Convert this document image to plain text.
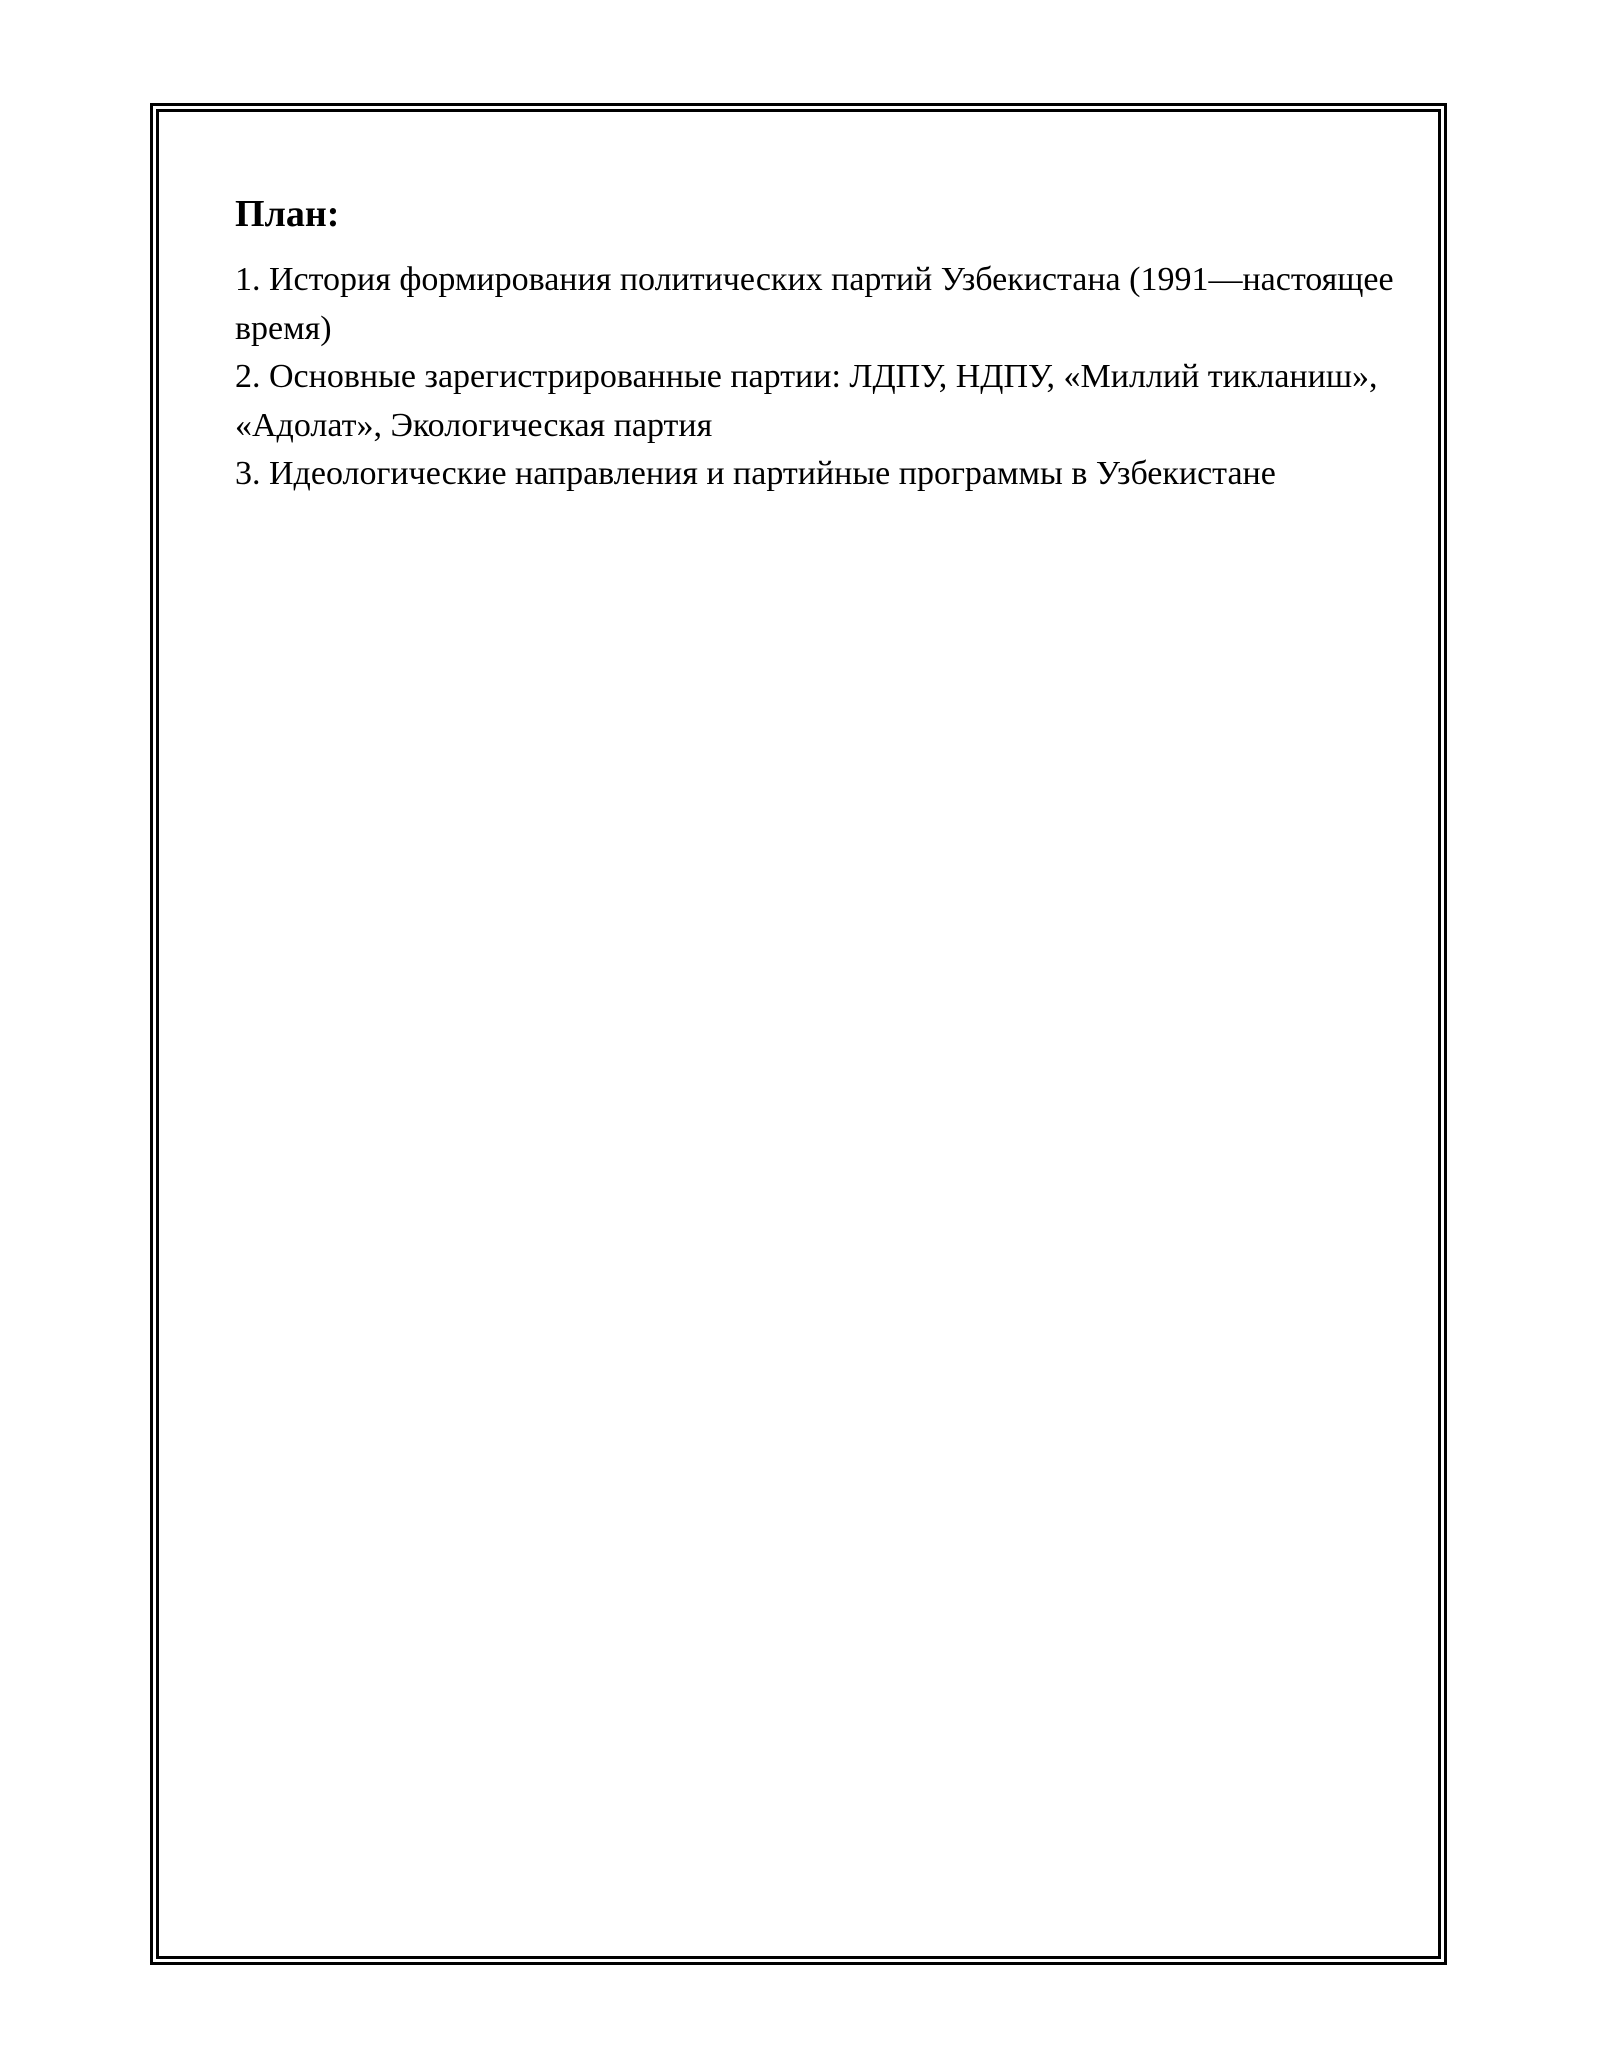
План:
1. История формирования политических партий Узбекистана (1991—настоящее время)
2. Основные зарегистрированные партии: ЛДПУ, НДПУ, «Миллий тикланиш», «Адолат», Экологическая партия
3. Идеологические направления и партийные программы в Узбекистане
